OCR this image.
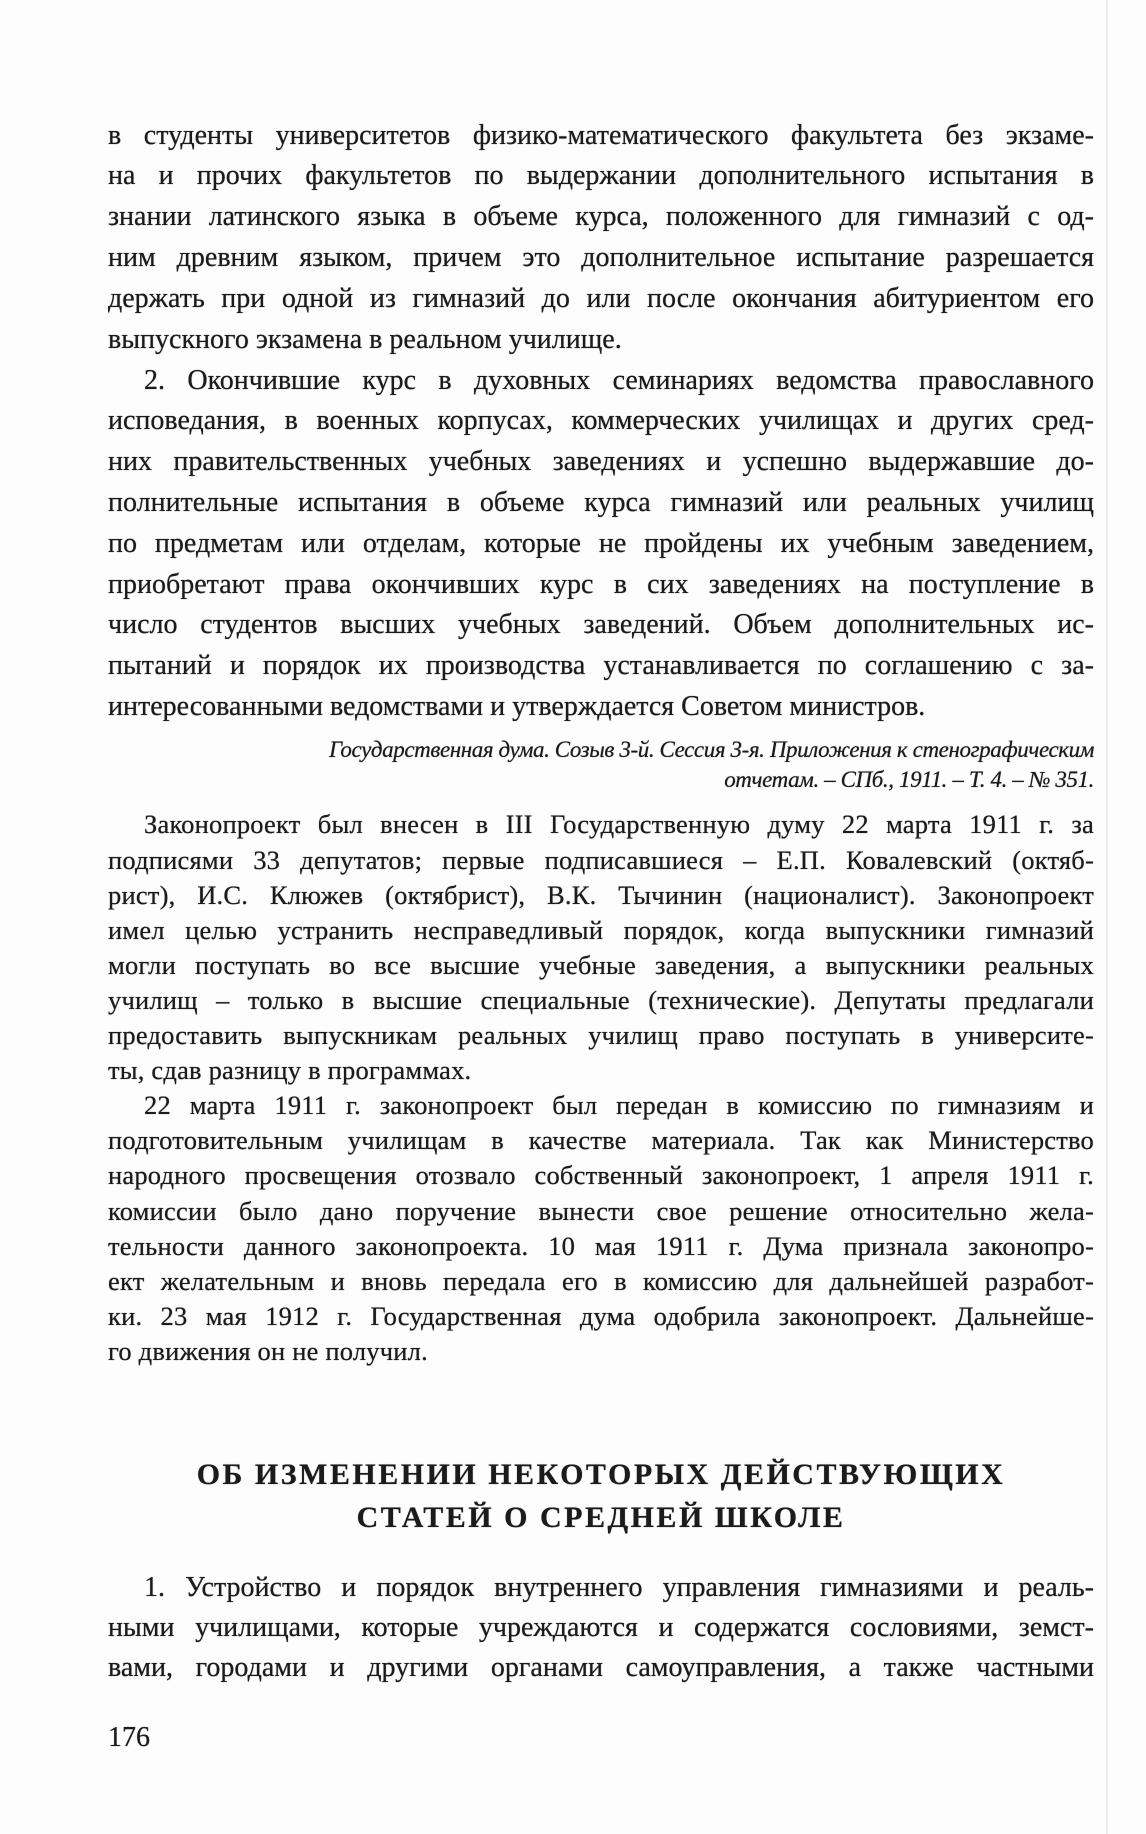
в студенты университетов физико-математического факультета без экзаме-
на и прочих факультетов по выдержании дополнительного испытания в
знании латинского языка в объеме курса, положенного для гимназий с од-
ним древним языком, причем это дополнительное испытание разрешается
держать при одной из гимназий до или после окончания абитуриентом его
выпускного экзамена в реальном училище.
2. Окончившие курс в духовных семинариях ведомства православного
исповедания, в военных корпусах, коммерческих училищах и других сред-
них правительственных учебных заведениях и успешно выдержавшие до-
полнительные испытания в объеме курса гимназий или реальных училищ
по предметам или отделам, которые не пройдены их учебным заведением,
приобретают права окончивших курс в сих заведениях на поступление в
число студентов высших учебных заведений. Объем дополнительных ис-
пытаний и порядок их производства устанавливается по соглашению с за-
интересованными ведомствами и утверждается Советом министров.
Государственная дума. Созыв 3-й. Сессия 3-я. Приложения к стенографическим
отчетам. – СПб., 1911. – Т. 4. – № 351.
Законопроект был внесен в III Государственную думу 22 марта 1911 г. за
подписями 33 депутатов; первые подписавшиеся – Е.П. Ковалевский (октяб-
рист), И.С. Клюжев (октябрист), В.К. Тычинин (националист). Законопроект
имел целью устранить несправедливый порядок, когда выпускники гимназий
могли поступать во все высшие учебные заведения, а выпускники реальных
училищ – только в высшие специальные (технические). Депутаты предлагали
предоставить выпускникам реальных училищ право поступать в университе-
ты, сдав разницу в программах.
22 марта 1911 г. законопроект был передан в комиссию по гимназиям и
подготовительным училищам в качестве материала. Так как Министерство
народного просвещения отозвало собственный законопроект, 1 апреля 1911 г.
комиссии было дано поручение вынести свое решение относительно жела-
тельности данного законопроекта. 10 мая 1911 г. Дума признала законопро-
ект желательным и вновь передала его в комиссию для дальнейшей разработ-
ки. 23 мая 1912 г. Государственная дума одобрила законопроект. Дальнейше-
го движения он не получил.
ОБ ИЗМЕНЕНИИ НЕКОТОРЫХ ДЕЙСТВУЮЩИХ
СТАТЕЙ О СРЕДНЕЙ ШКОЛЕ
1. Устройство и порядок внутреннего управления гимназиями и реаль-
ными училищами, которые учреждаются и содержатся сословиями, земст-
вами, городами и другими органами самоуправления, а также частными
176
